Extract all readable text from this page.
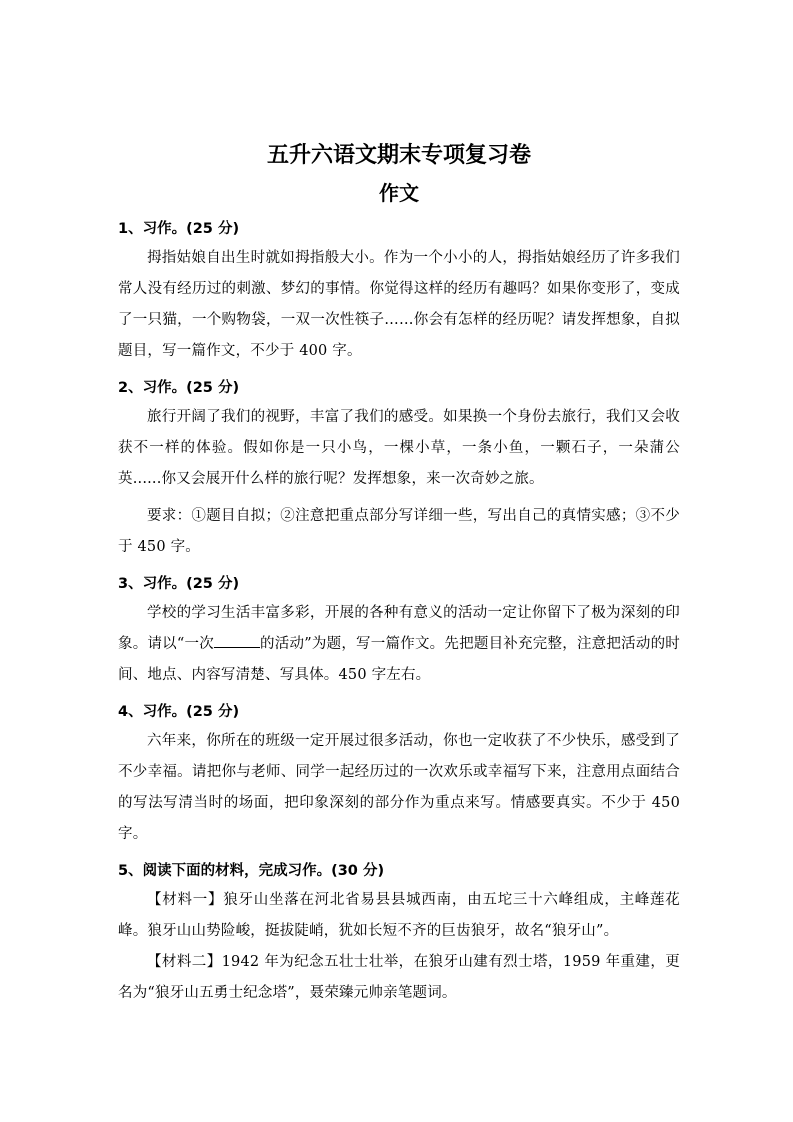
五升六语文期末专项复习卷
作文
1、习作。(25 分)

拇指姑娘自出生时就如拇指般大小。作为一个小小的人，拇指姑娘经历了许多我们常人没有经历过的刺激、梦幻的事情。你觉得这样的经历有趣吗？如果你变形了，变成了一只猫，一个购物袋，一双一次性筷子……你会有怎样的经历呢？请发挥想象，自拟题目，写一篇作文，不少于 400 字。

2、习作。(25 分)

旅行开阔了我们的视野，丰富了我们的感受。如果换一个身份去旅行，我们又会收获不一样的体验。假如你是一只小鸟，一棵小草，一条小鱼，一颗石子，一朵蒲公英......你又会展开什么样的旅行呢？发挥想象，来一次奇妙之旅。

要求：①题目自拟；②注意把重点部分写详细一些，写出自己的真情实感；③不少于 450 字。

3、习作。(25 分)

学校的学习生活丰富多彩，开展的各种有意义的活动一定让你留下了极为深刻的印象。请以“一次	的活动”为题，写一篇作文。先把题目补充完整，注意把活动的时间、地点、内容写清楚、写具体。450 字左右。

4、习作。(25 分)

六年来，你所在的班级一定开展过很多活动，你也一定收获了不少快乐，感受到了不少幸福。请把你与老师、同学一起经历过的一次欢乐或幸福写下来，注意用点面结合的写法写清当时的场面，把印象深刻的部分作为重点来写。情感要真实。不少于 450 字。

5、阅读下面的材料，完成习作。(30 分)

【材料一】狼牙山坐落在河北省易县县城西南，由五坨三十六峰组成，主峰莲花峰。狼牙山山势险峻，挺拔陡峭，犹如长短不齐的巨齿狼牙，故名“狼牙山”。

【材料二】1942 年为纪念五壮士壮举，在狼牙山建有烈士塔，1959 年重建，更名为“狼牙山五勇士纪念塔”，聂荣臻元帅亲笔题词。
